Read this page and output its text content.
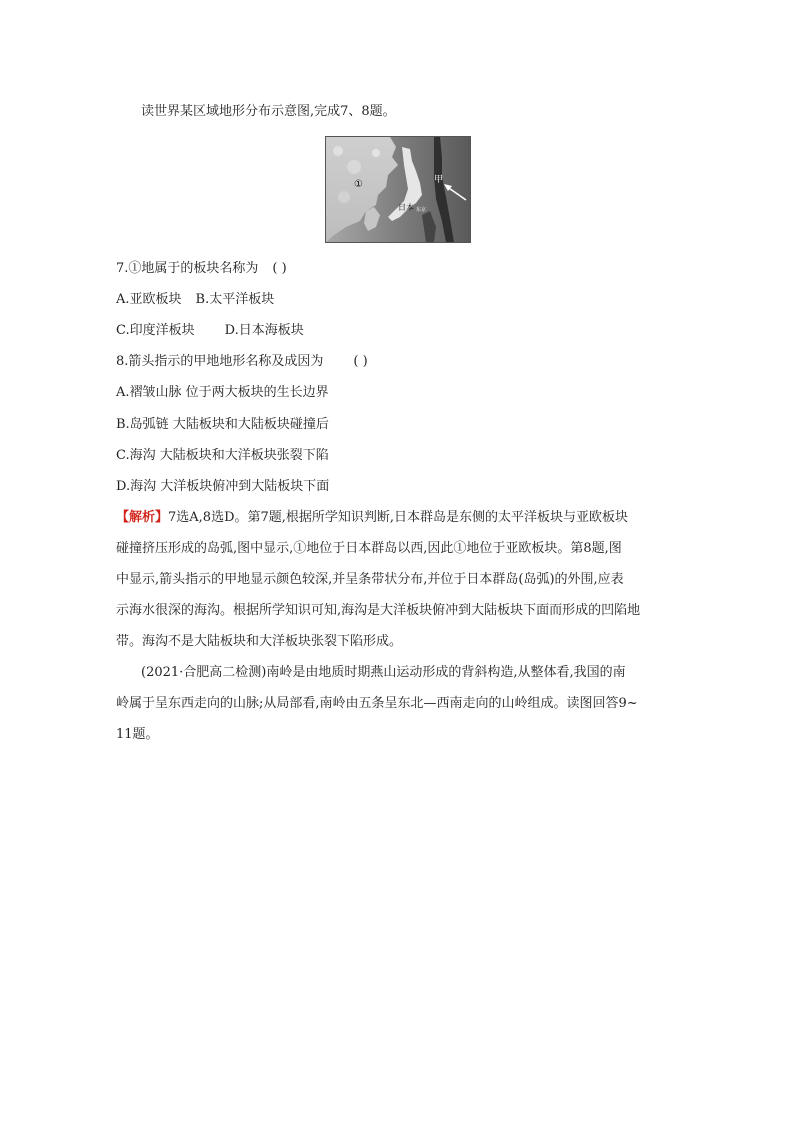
读世界某区域地形分布示意图,完成7、8题。
①	甲
日本 东京
7.①地属于的板块名称为 ( )
A.亚欧板块 B.太平洋板块
C.印度洋板块 D.日本海板块
8.箭头指示的甲地地形名称及成因为 ( )
A.褶皱山脉 位于两大板块的生长边界
B.岛弧链 大陆板块和大陆板块碰撞后
C.海沟 大陆板块和大洋板块张裂下陷
D.海沟 大洋板块俯冲到大陆板块下面
【解析】7选A,8选D。第7题,根据所学知识判断,日本群岛是东侧的太平洋板块与亚欧板块
碰撞挤压形成的岛弧,图中显示,①地位于日本群岛以西,因此①地位于亚欧板块。第8题,图
中显示,箭头指示的甲地显示颜色较深,并呈条带状分布,并位于日本群岛(岛弧)的外围,应表
示海水很深的海沟。根据所学知识可知,海沟是大洋板块俯冲到大陆板块下面而形成的凹陷地
带。海沟不是大陆板块和大洋板块张裂下陷形成。
(2021·合肥高二检测)南岭是由地质时期燕山运动形成的背斜构造,从整体看,我国的南
岭属于呈东西走向的山脉;从局部看,南岭由五条呈东北—西南走向的山岭组成。读图回答9~
11题。
